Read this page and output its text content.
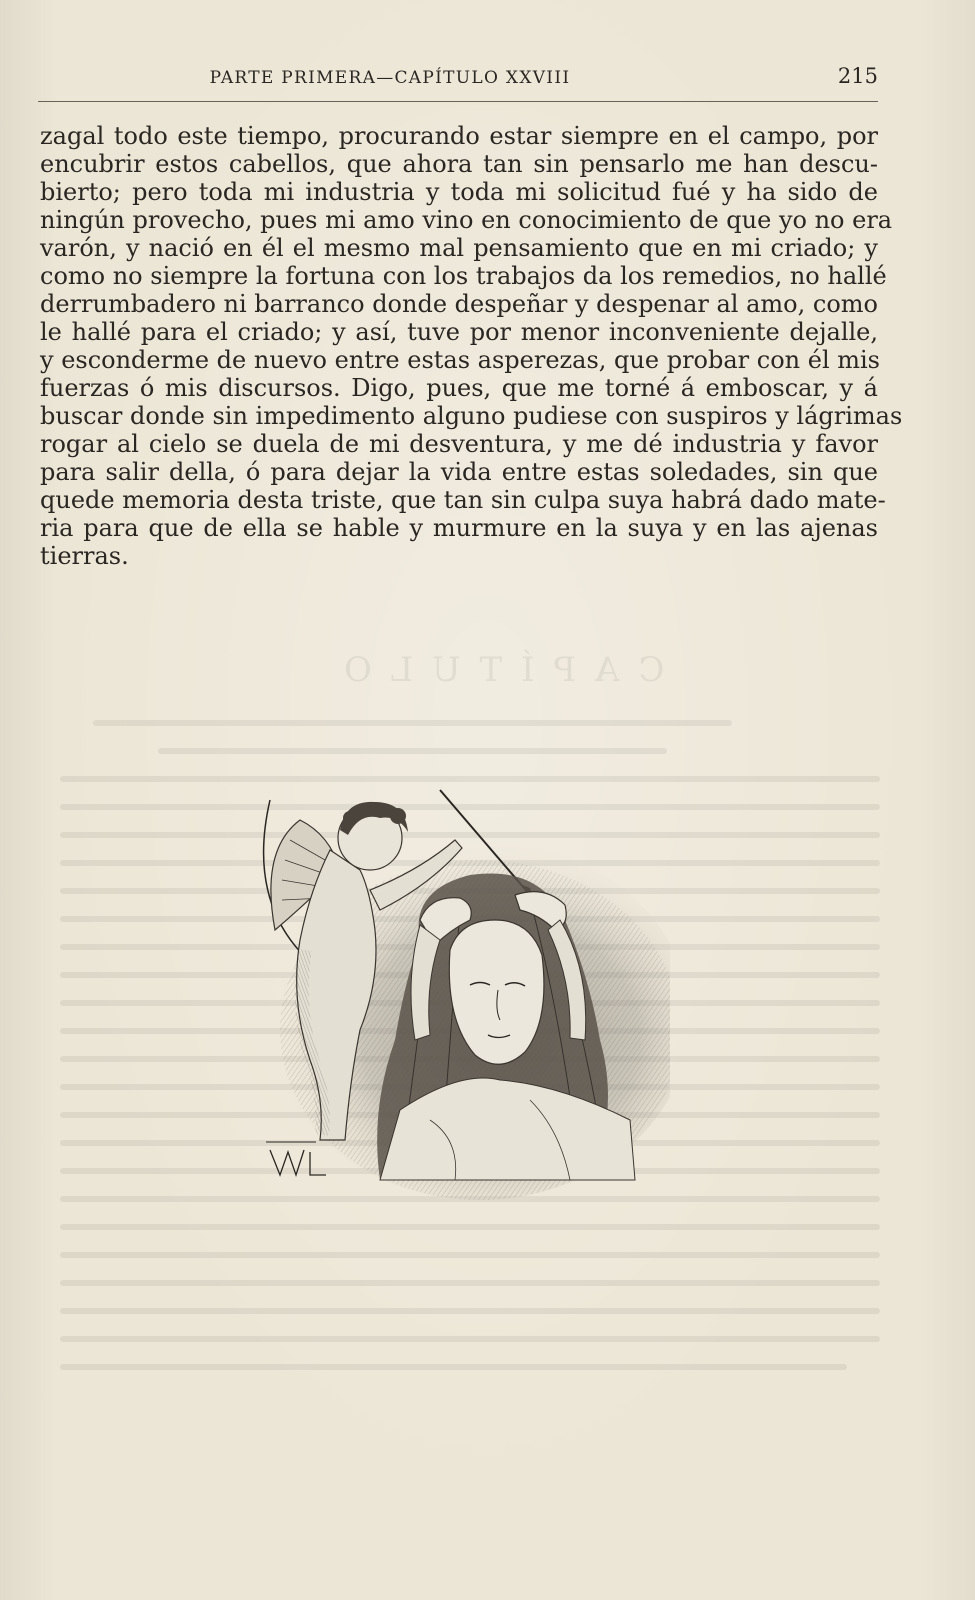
PARTE PRIMERA—CAPÍTULO XXVIII	215
zagal todo este tiempo, procurando estar siempre en el campo, por
encubrir estos cabellos, que ahora tan sin pensarlo me han descu-
bierto; pero toda mi industria y toda mi solicitud fué y ha sido de
ningún provecho, pues mi amo vino en conocimiento de que yo no era
varón, y nació en él el mesmo mal pensamiento que en mi criado; y
como no siempre la fortuna con los trabajos da los remedios, no hallé
derrumbadero ni barranco donde despeñar y despenar al amo, como
le hallé para el criado; y así, tuve por menor inconveniente dejalle,
y esconderme de nuevo entre estas asperezas, que probar con él mis
fuerzas ó mis discursos. Digo, pues, que me torné á emboscar, y á
buscar donde sin impedimento alguno pudiese con suspiros y lágrimas
rogar al cielo se duela de mi desventura, y me dé industria y favor
para salir della, ó para dejar la vida entre estas soledades, sin que
quede memoria desta triste, que tan sin culpa suya habrá dado mate-
ria para que de ella se hable y murmure en la suya y en las ajenas
tierras.
C A P Í T U L O
